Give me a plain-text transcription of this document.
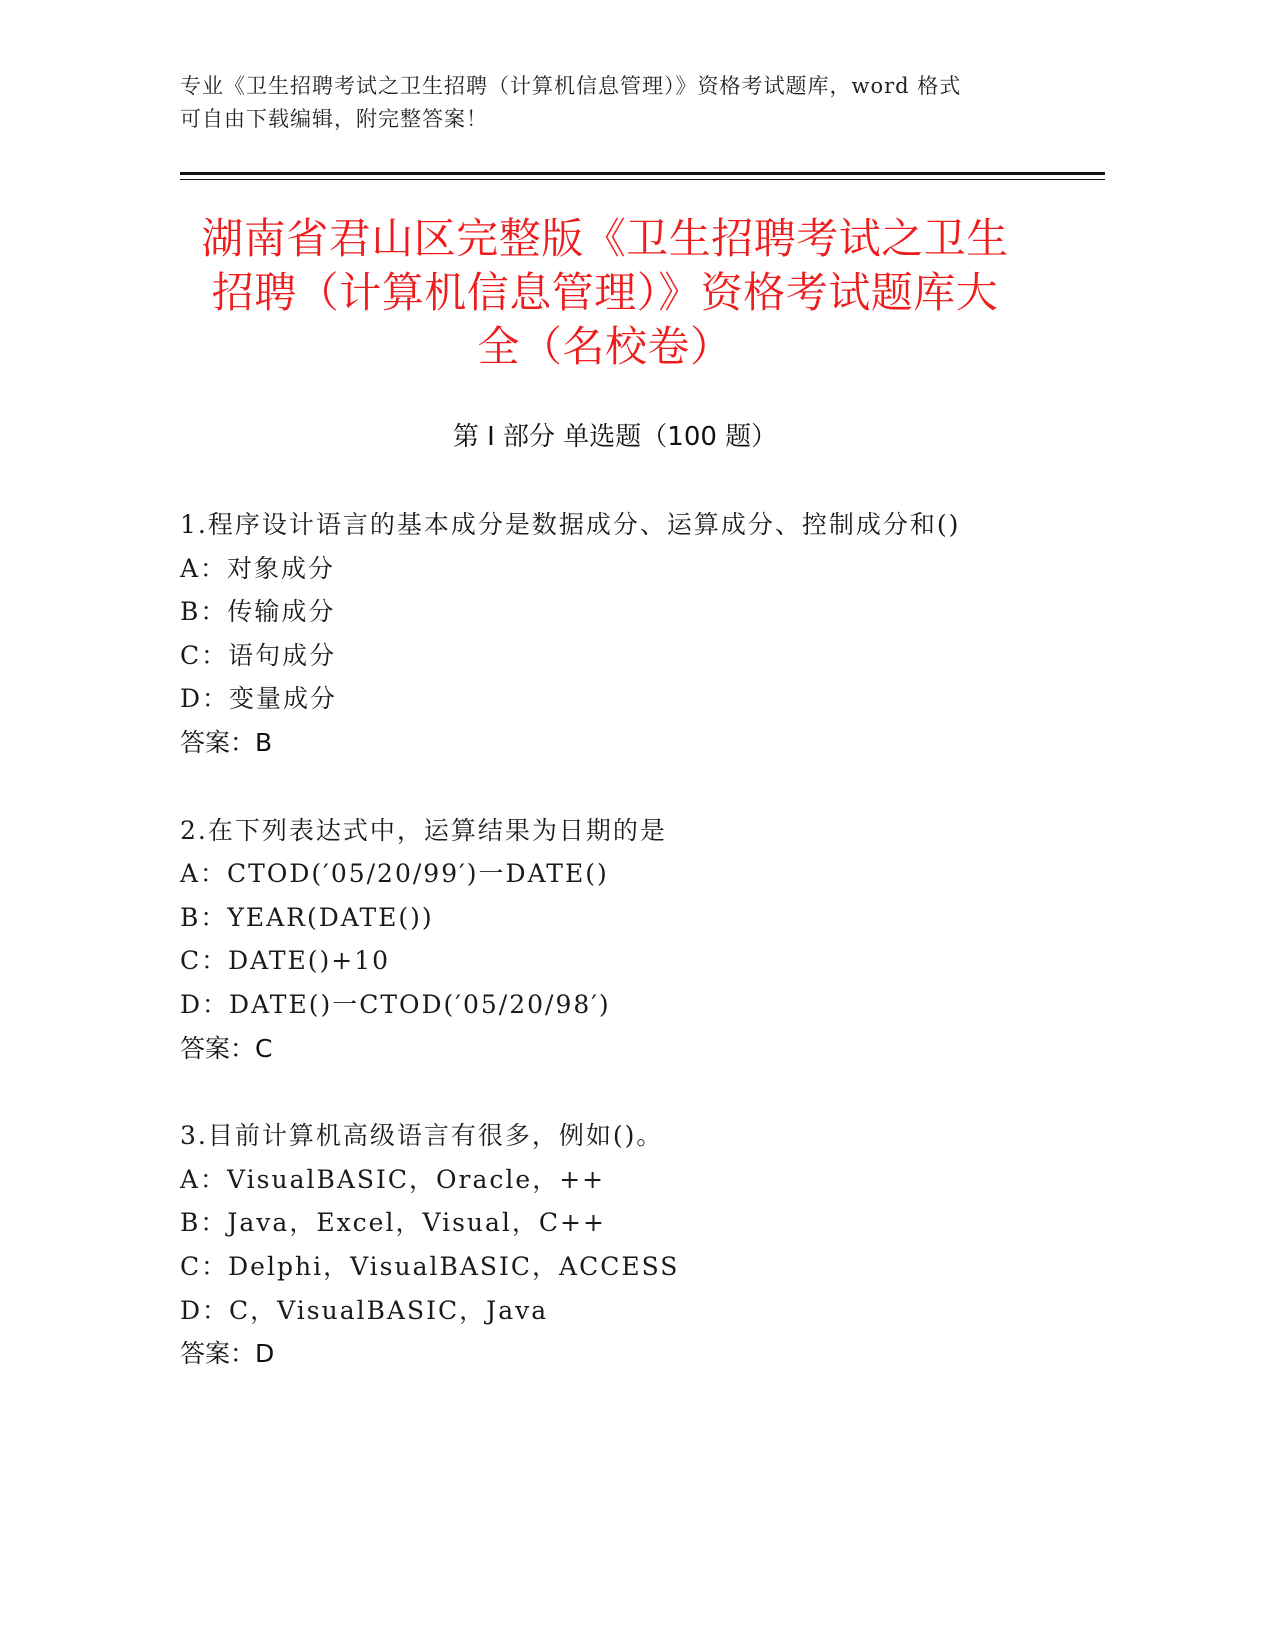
专业《卫生招聘考试之卫生招聘（计算机信息管理）》资格考试题库，word 格式
可自由下载编辑，附完整答案！
湖南省君山区完整版《卫生招聘考试之卫生
招聘（计算机信息管理）》资格考试题库大
全（名校卷）
第 I 部分 单选题（100 题）
1.程序设计语言的基本成分是数据成分、运算成分、控制成分和()
A：对象成分
B：传输成分
C：语句成分
D：变量成分
答案：B
2.在下列表达式中，运算结果为日期的是
A：CTOD(′05/20/99′)一DATE()
B：YEAR(DATE())
C：DATE()+10
D：DATE()一CTOD(′05/20/98′)
答案：C
3.目前计算机高级语言有很多，例如()。
A：VisualBASIC，Oracle，++
B：Java，Excel，Visual，C++
C：Delphi，VisualBASIC，ACCESS
D：C，VisualBASIC，Java
答案：D
